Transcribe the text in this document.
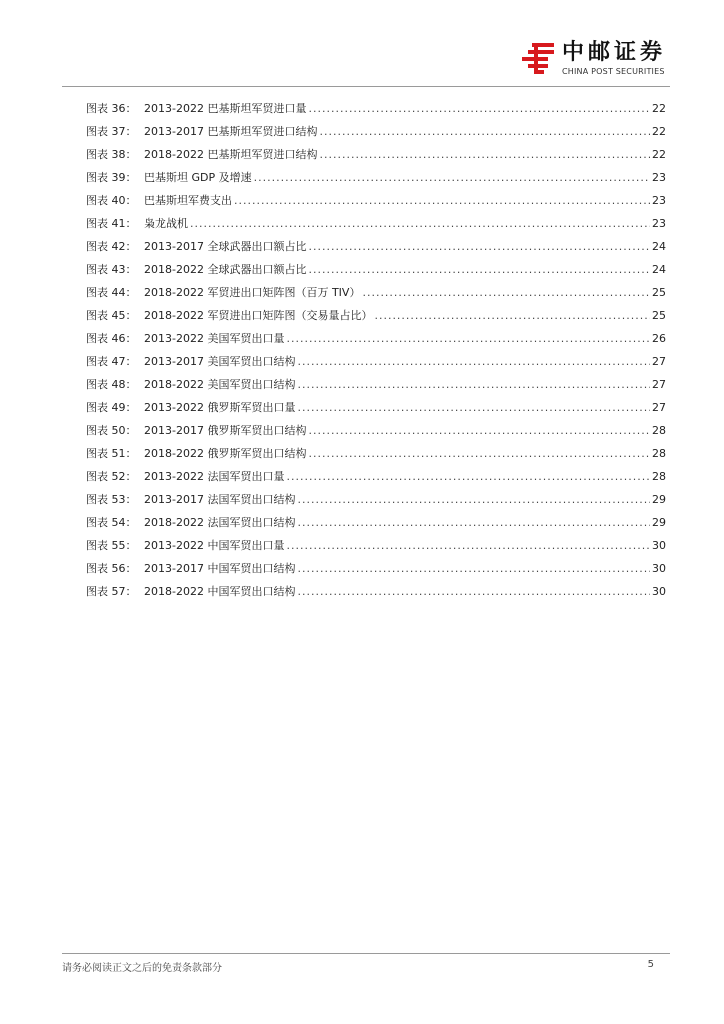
中邮证券
CHINA POST SECURITIES
图表 36： 2013-2022 巴基斯坦军贸进口量 .....	22
图表 37： 2013-2017 巴基斯坦军贸进口结构 .....	22
图表 38： 2018-2022 巴基斯坦军贸进口结构 .....	22
图表 39： 巴基斯坦 GDP 及增速 .....	23
图表 40： 巴基斯坦军费支出 .....	23
图表 41： 枭龙战机 .....	23
图表 42： 2013-2017 全球武器出口额占比 .....	24
图表 43： 2018-2022 全球武器出口额占比 .....	24
图表 44： 2018-2022 军贸进出口矩阵图（百万 TIV） .....	25
图表 45： 2018-2022 军贸进出口矩阵图（交易量占比） .....	25
图表 46： 2013-2022 美国军贸出口量 .....	26
图表 47： 2013-2017 美国军贸出口结构 .....	27
图表 48： 2018-2022 美国军贸出口结构 .....	27
图表 49： 2013-2022 俄罗斯军贸出口量 .....	27
图表 50： 2013-2017 俄罗斯军贸出口结构 .....	28
图表 51： 2018-2022 俄罗斯军贸出口结构 .....	28
图表 52： 2013-2022 法国军贸出口量 .....	28
图表 53： 2013-2017 法国军贸出口结构 .....	29
图表 54： 2018-2022 法国军贸出口结构 .....	29
图表 55： 2013-2022 中国军贸出口量 .....	30
图表 56： 2013-2017 中国军贸出口结构 .....	30
图表 57： 2018-2022 中国军贸出口结构 .....	30
请务必阅读正文之后的免责条款部分	5
